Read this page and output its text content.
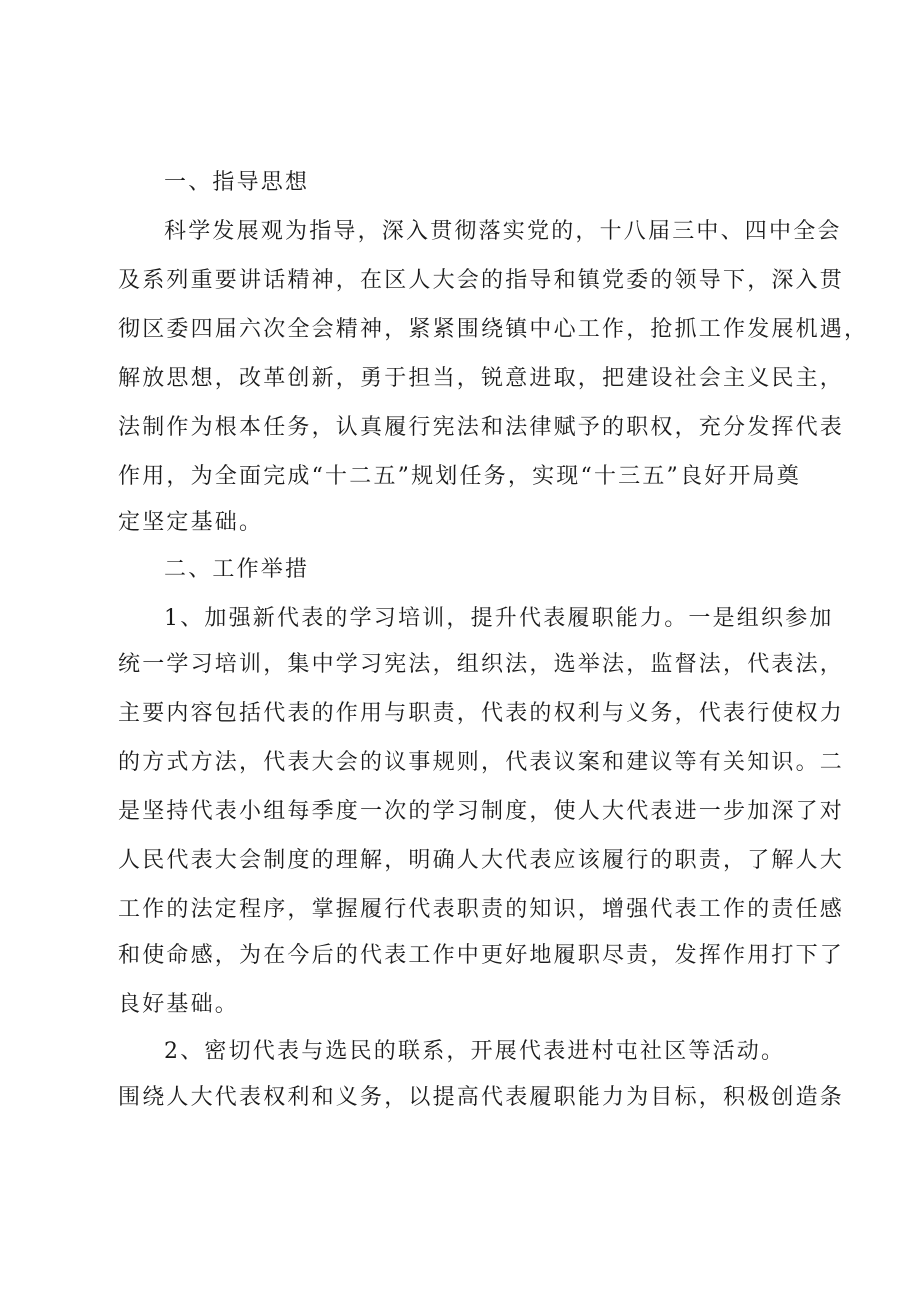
一、指导思想
科学发展观为指导，深入贯彻落实党的，十八届三中、四中全会
及系列重要讲话精神，在区人大会的指导和镇党委的领导下，深入贯
彻区委四届六次全会精神，紧紧围绕镇中心工作，抢抓工作发展机遇，
解放思想，改革创新，勇于担当，锐意进取，把建设社会主义民主，
法制作为根本任务，认真履行宪法和法律赋予的职权，充分发挥代表
作用，为全面完成“十二五”规划任务，实现“十三五”良好开局奠
定坚定基础。
二、工作举措
1、加强新代表的学习培训，提升代表履职能力。一是组织参加
统一学习培训，集中学习宪法，组织法，选举法，监督法，代表法，
主要内容包括代表的作用与职责，代表的权利与义务，代表行使权力
的方式方法，代表大会的议事规则，代表议案和建议等有关知识。二
是坚持代表小组每季度一次的学习制度，使人大代表进一步加深了对
人民代表大会制度的理解，明确人大代表应该履行的职责，了解人大
工作的法定程序，掌握履行代表职责的知识，增强代表工作的责任感
和使命感，为在今后的代表工作中更好地履职尽责，发挥作用打下了
良好基础。
2、密切代表与选民的联系，开展代表进村屯社区等活动。
围绕人大代表权利和义务，以提高代表履职能力为目标，积极创造条
